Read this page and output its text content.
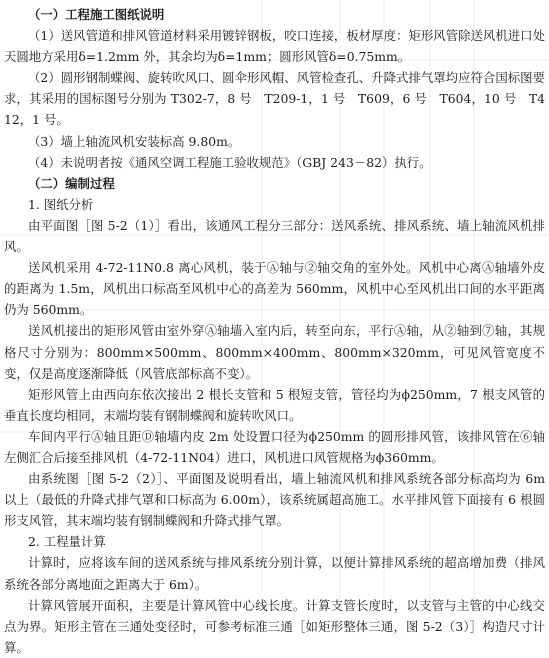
（一）工程施工图纸说明

（1）送风管道和排风管道材料采用镀锌钢板，咬口连接，板材厚度：矩形风管除送风机进口处天圆地方采用δ=1.2mm 外，其余均为δ=1mm；圆形风管δ=0.75mm。

（2）圆形钢制蝶阀、旋转吹风口、圆伞形风帽、风管检查孔、升降式排气罩均应符合国标图要求，其采用的国标图号分别为 T302-7，8 号　T209-1，1 号　T609，6 号　T604，10 号　T412，1 号。

（3）墙上轴流风机安装标高 9.80m。

（4）未说明者按《通风空调工程施工验收规范》（GBJ 243－82）执行。

（二）编制过程

1. 图纸分析

由平面图［图 5-2（1）］看出，该通风工程分三部分：送风系统、排风系统、墙上轴流风机排风。

送风机采用 4-72-11N0.8 离心风机，装于Ⓐ轴与②轴交角的室外处。风机中心离Ⓐ轴墙外皮的距离为 1.5m，风机出口标高至风机中心的高差为 560mm，风机中心至风机出口间的水平距离仍为 560mm。

送风机接出的矩形风管由室外穿Ⓐ轴墙入室内后，转至向东，平行Ⓐ轴，从②轴到⑦轴，其规格尺寸分别为：800mm×500mm、800mm×400mm、800mm×320mm，可见风管宽度不变，仅是高度逐渐降低（风管底部标高不变）。

矩形风管上由西向东依次接出 2 根长支管和 5 根短支管，管径均为ϕ250mm，7 根支风管的垂直长度均相同，末端均装有钢制蝶阀和旋转吹风口。

车间内平行Ⓐ轴且距Ⓓ轴墙内皮 2m 处设置口径为ϕ250mm 的圆形排风管，该排风管在⑥轴左侧汇合后接至排风机（4-72-11N04）进口，风机进口风管规格为ϕ360mm。

由系统图［图 5-2（2）］、平面图及说明看出，墙上轴流风机和排风系统各部分标高均为 6m 以上（最低的升降式排气罩和口标高为 6.00m），该系统属超高施工。水平排风管下面接有 6 根圆形支风管，其末端均装有钢制蝶阀和升降式排气罩。

2. 工程量计算

计算时，应将该车间的送风系统与排风系统分别计算，以便计算排风系统的超高增加费（排风系统各部分离地面之距离大于 6m）。

计算风管展开面积，主要是计算风管中心线长度。计算支管长度时，以支管与主管的中心线交点为界。矩形主管在三通处变径时，可参考标准三通［如矩形整体三通，图 5-2（3）］构造尺寸计算。
